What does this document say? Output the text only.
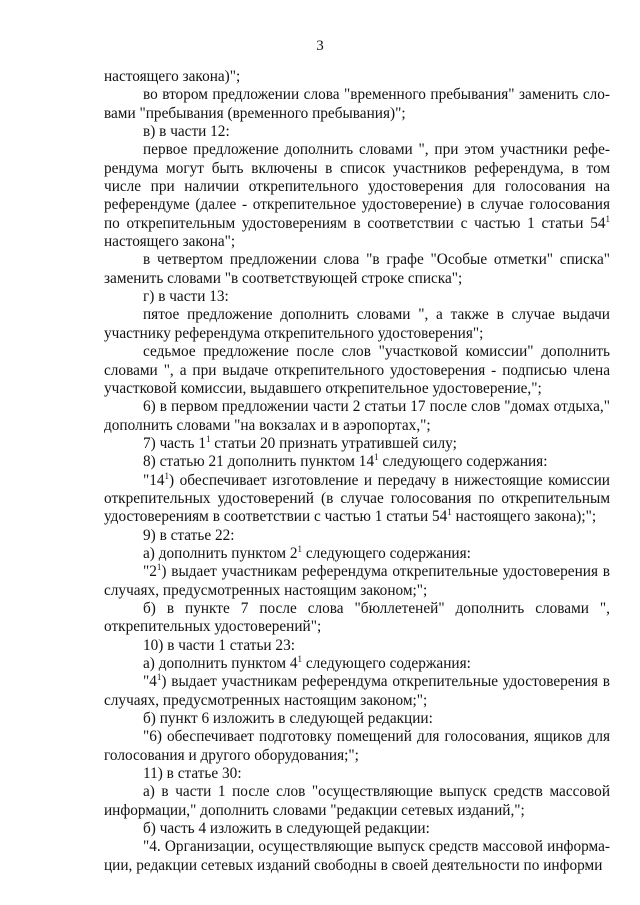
3

настоящего закона)";

во втором предложении слова "временного пребывания" заменить словами "пребывания (временного пребывания)";

в) в части 12:

первое предложение дополнить словами ", при этом участники референдума могут быть включены в список участников референдума, в том числе при наличии открепительного удостоверения для голосования на референдуме (далее - открепительное удостоверение) в случае голосования по открепительным удостоверениям в соответствии с частью 1 статьи $54^1$ настоящего закона";

в четвертом предложении слова "в графе "Особые отметки" списка" заменить словами "в соответствующей строке списка";

г) в части 13:

пятое предложение дополнить словами ", а также в случае выдачи участнику референдума открепительного удостоверения";

седьмое предложение после слов "участковой комиссии" дополнить словами ", а при выдаче открепительного удостоверения - подписью члена участковой комиссии, выдавшего открепительное удостоверение,";

6) в первом предложении части 2 статьи 17 после слов "домах отдыха," дополнить словами "на вокзалах и в аэропортах,";

7) часть $1^1$ статьи 20 признать утратившей силу;

8) статью 21 дополнить пунктом $14^1$ следующего содержания:

"$14^1$) обеспечивает изготовление и передачу в нижестоящие комиссии открепительных удостоверений (в случае голосования по открепительным удостоверениям в соответствии с частью 1 статьи $54^1$ настоящего закона);";

9) в статье 22:

а) дополнить пунктом $2^1$ следующего содержания:

"$2^1$) выдает участникам референдума открепительные удостоверения в случаях, предусмотренных настоящим законом;";

б) в пункте 7 после слова "бюллетеней" дополнить словами ", открепительных удостоверений";

10) в части 1 статьи 23:

а) дополнить пунктом $4^1$ следующего содержания:

"$4^1$) выдает участникам референдума открепительные удостоверения в случаях, предусмотренных настоящим законом;";

б) пункт 6 изложить в следующей редакции:

"6) обеспечивает подготовку помещений для голосования, ящиков для голосования и другого оборудования;";

11) в статье 30:

а) в части 1 после слов "осуществляющие выпуск средств массовой информации," дополнить словами "редакции сетевых изданий,";

б) часть 4 изложить в следующей редакции:

"4. Организации, осуществляющие выпуск средств массовой информации, редакции сетевых изданий свободны в своей деятельности по информи
